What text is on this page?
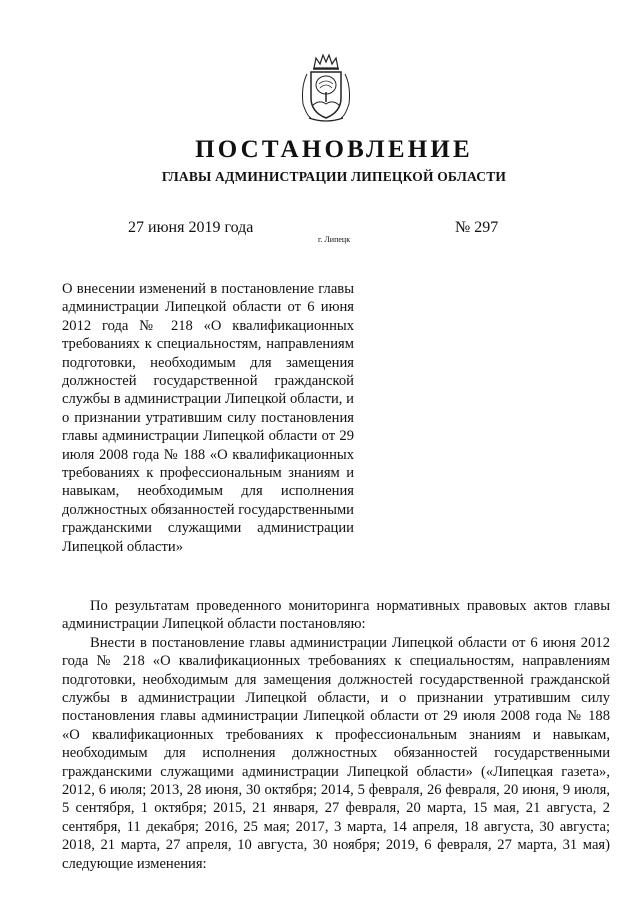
ПОСТАНОВЛЕНИЕ
ГЛАВЫ АДМИНИСТРАЦИИ ЛИПЕЦКОЙ ОБЛАСТИ
27 июня 2019 года
г. Липецк
№ 297

О внесении изменений в постановление главы администрации Липецкой области от 6 июня 2012 года № 218 «О квалификационных требованиях к специальностям, направлениям подготовки, необходимым для замещения должностей государственной гражданской службы в администрации Липецкой области, и о признании утратившим силу постановления главы администрации Липецкой области от 29 июля 2008 года № 188 «О квалификационных требованиях к профессиональным знаниям и навыкам, необходимым для исполнения должностных обязанностей государственными гражданскими служащими администрации Липецкой области»

По результатам проведенного мониторинга нормативных правовых актов главы администрации Липецкой области постановляю:

Внести в постановление главы администрации Липецкой области от 6 июня 2012 года № 218 «О квалификационных требованиях к специальностям, направлениям подготовки, необходимым для замещения должностей государственной гражданской службы в администрации Липецкой области, и о признании утратившим силу постановления главы администрации Липецкой области от 29 июля 2008 года № 188 «О квалификационных требованиях к профессиональным знаниям и навыкам, необходимым для исполнения должностных обязанностей государственными гражданскими служащими администрации Липецкой области» («Липецкая газета», 2012, 6 июля; 2013, 28 июня, 30 октября; 2014, 5 февраля, 26 февраля, 20 июня, 9 июля, 5 сентября, 1 октября; 2015, 21 января, 27 февраля, 20 марта, 15 мая, 21 августа, 2 сентября, 11 декабря; 2016, 25 мая; 2017, 3 марта, 14 апреля, 18 августа, 30 августа; 2018, 21 марта, 27 апреля, 10 августа, 30 ноября; 2019, 6 февраля, 27 марта, 31 мая) следующие изменения:
